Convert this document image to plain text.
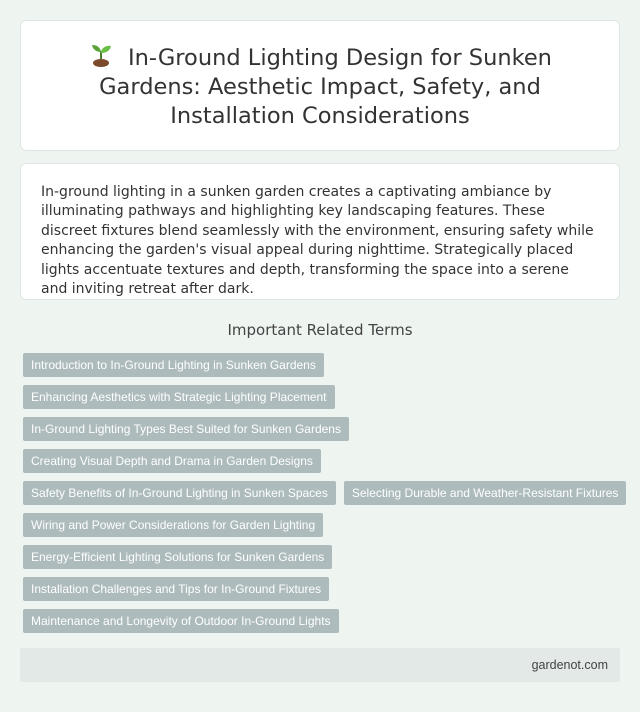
In-Ground Lighting Design for Sunken Gardens: Aesthetic Impact, Safety, and Installation Considerations

In-ground lighting in a sunken garden creates a captivating ambiance by illuminating pathways and highlighting key landscaping features. These discreet fixtures blend seamlessly with the environment, ensuring safety while enhancing the garden's visual appeal during nighttime. Strategically placed lights accentuate textures and depth, transforming the space into a serene and inviting retreat after dark.

Important Related Terms
Introduction to In-Ground Lighting in Sunken Gardens
Enhancing Aesthetics with Strategic Lighting Placement
In-Ground Lighting Types Best Suited for Sunken Gardens
Creating Visual Depth and Drama in Garden Designs
Safety Benefits of In-Ground Lighting in Sunken Spaces	Selecting Durable and Weather-Resistant Fixtures
Wiring and Power Considerations for Garden Lighting
Energy-Efficient Lighting Solutions for Sunken Gardens
Installation Challenges and Tips for In-Ground Fixtures
Maintenance and Longevity of Outdoor In-Ground Lights
gardenot.com
